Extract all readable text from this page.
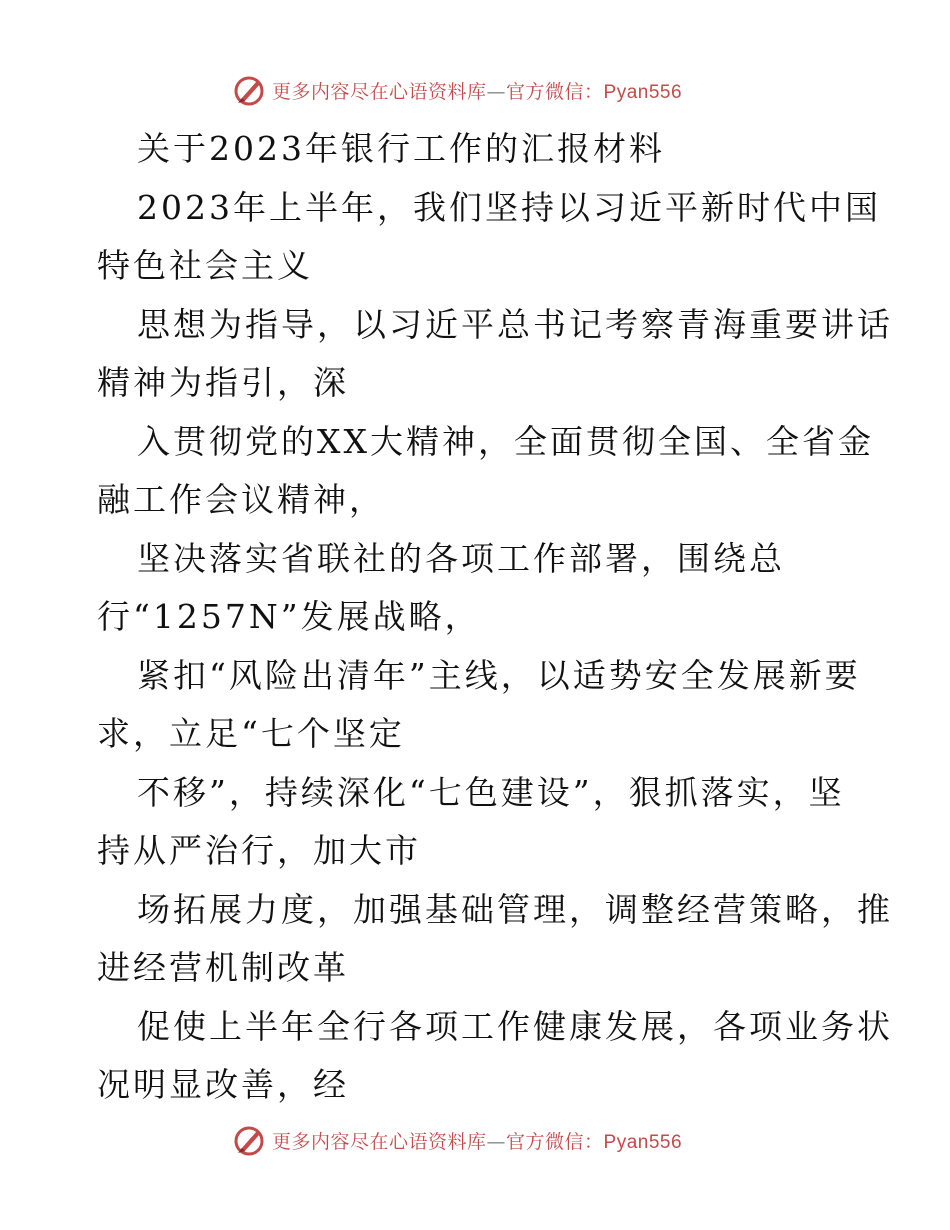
更多内容尽在心语资料库—官方微信：Pyan556
关于2023年银行工作的汇报材料
2023年上半年，我们坚持以习近平新时代中国
特色社会主义
思想为指导，以习近平总书记考察青海重要讲话
精神为指引，深
入贯彻党的XX大精神，全面贯彻全国、全省金
融工作会议精神，
坚决落实省联社的各项工作部署，围绕总
行“1257N”发展战略，
紧扣“风险出清年”主线，以适势安全发展新要
求，立足“七个坚定
不移”，持续深化“七色建设”，狠抓落实，坚
持从严治行，加大市
场拓展力度，加强基础管理，调整经营策略，推
进经营机制改革
促使上半年全行各项工作健康发展，各项业务状
况明显改善，经
更多内容尽在心语资料库—官方微信：Pyan556
